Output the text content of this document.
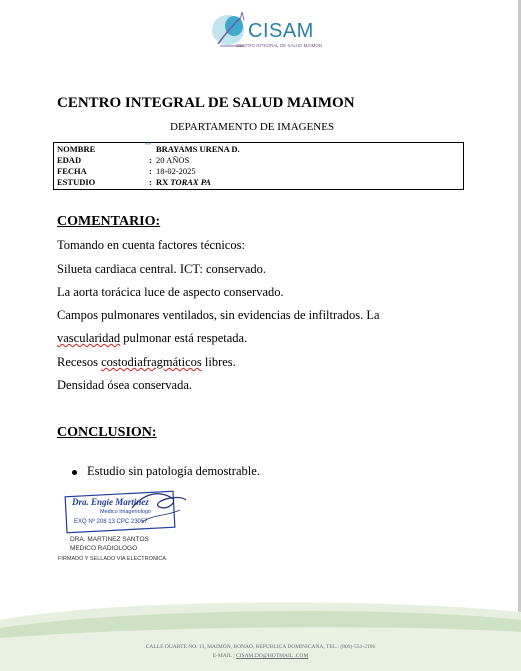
CISAM
CENTRO INTEGRAL DE SALUD MAIMON
CENTRO INTEGRAL DE SALUD MAIMON
DEPARTAMENTO DE IMAGENES
NOMBRE	ⁿᵘⁿ BRAYAMS URENA D.
EDAD	: 20 AÑOS
FECHA	: 18-02-2025
ESTUDIO	: RX TORAX PA
COMENTARIO:
Tomando en cuenta factores técnicos:
Silueta cardiaca central. ICT: conservado.
La aorta torácica luce de aspecto conservado.
Campos pulmonares ventilados, sin evidencias de infiltrados. La
vascularidad pulmonar está respetada.
Recesos costodiafragmáticos libres.
Densidad ósea conservada.
CONCLUSION:
Estudio sin patología demostrable.
Dra. Engie Martinez
Medico Imagenologo
EXQ Nº 208 13 CPC 23057
DRA. MARTINEZ SANTOS
MEDICO RADIOLOGO
FIRMADO Y SELLADO VIA ELECTRONICA
CALLE DUARTE NO. 13, MAIMÓN, BONAO, REPUBLICA DOMINICANA, TEL.: (809)-551-2196
E-MAIL : CISAM.DO@HOTMAIL .COM
